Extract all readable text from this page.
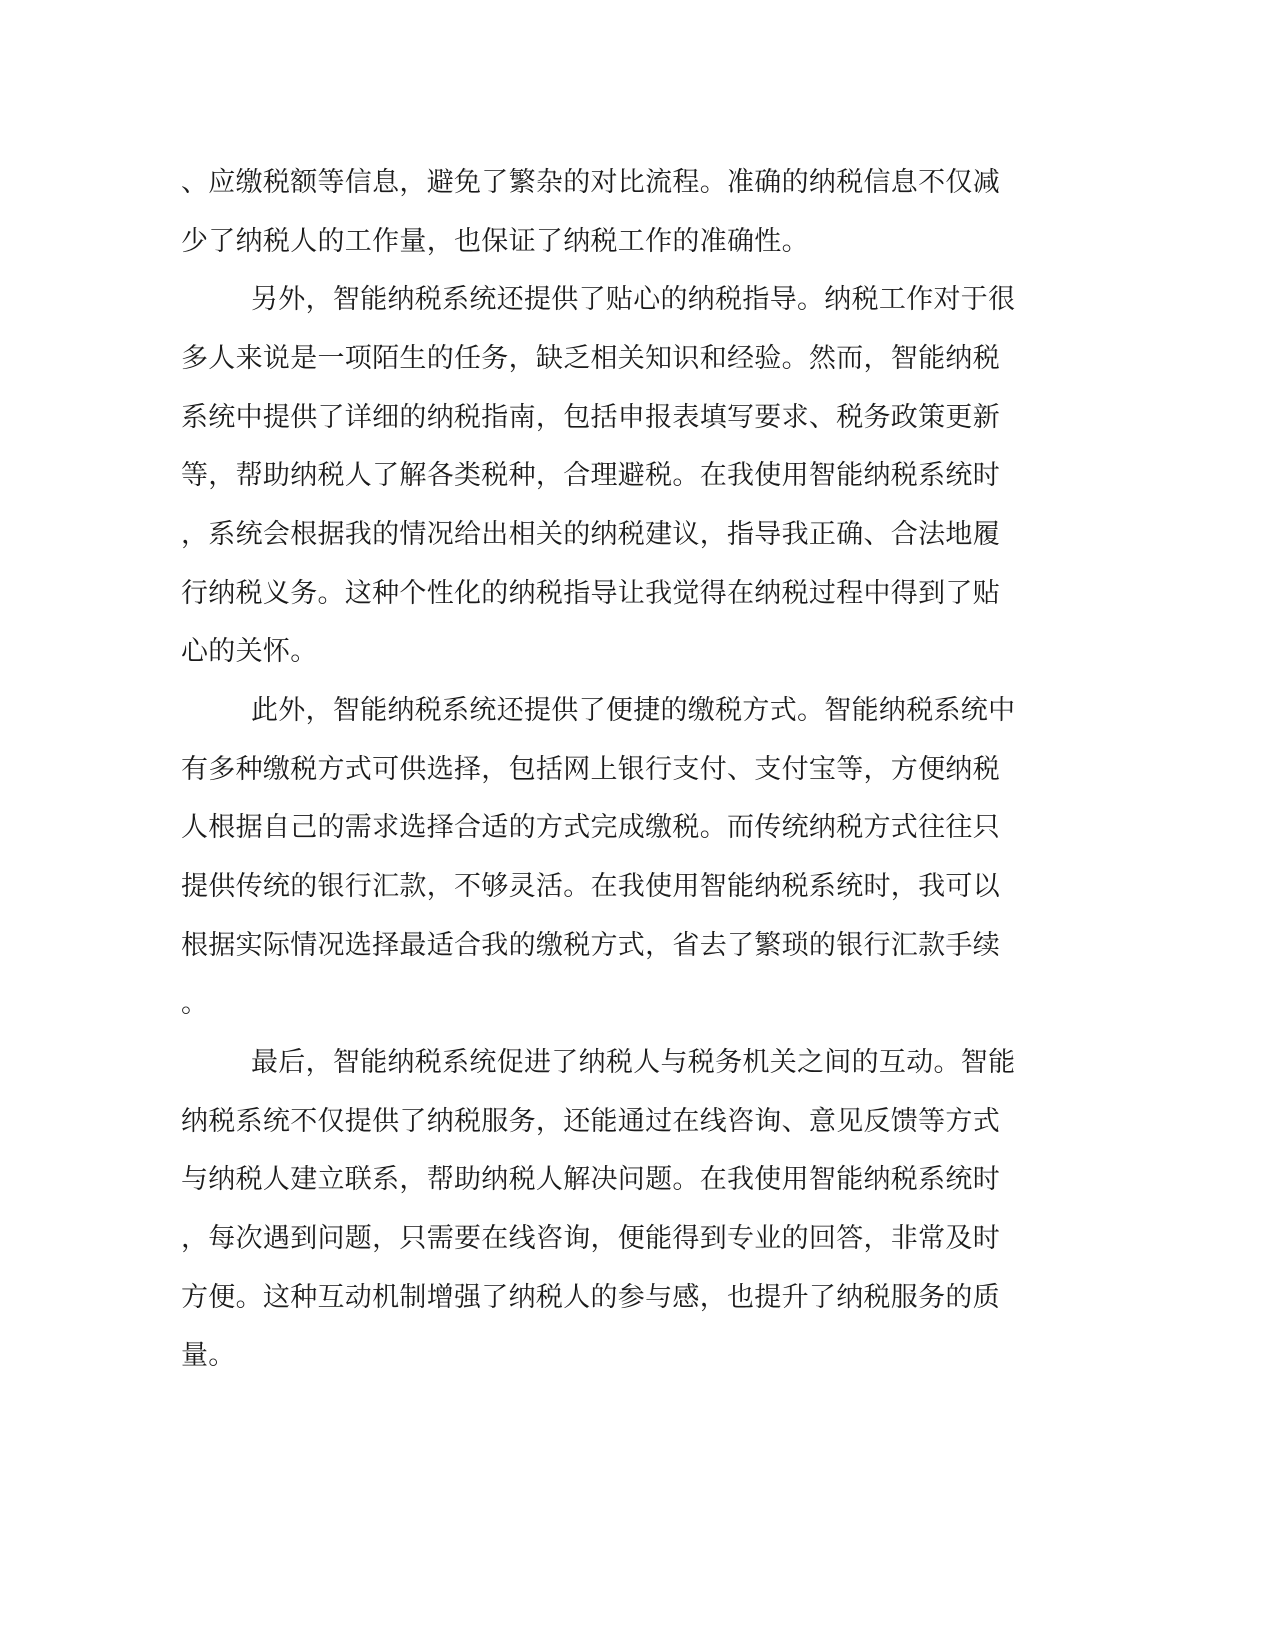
、应缴税额等信息，避免了繁杂的对比流程。准确的纳税信息不仅减

少了纳税人的工作量，也保证了纳税工作的准确性。

另外，智能纳税系统还提供了贴心的纳税指导。纳税工作对于很

多人来说是一项陌生的任务，缺乏相关知识和经验。然而，智能纳税

系统中提供了详细的纳税指南，包括申报表填写要求、税务政策更新

等，帮助纳税人了解各类税种，合理避税。在我使用智能纳税系统时

，系统会根据我的情况给出相关的纳税建议，指导我正确、合法地履

行纳税义务。这种个性化的纳税指导让我觉得在纳税过程中得到了贴

心的关怀。

此外，智能纳税系统还提供了便捷的缴税方式。智能纳税系统中

有多种缴税方式可供选择，包括网上银行支付、支付宝等，方便纳税

人根据自己的需求选择合适的方式完成缴税。而传统纳税方式往往只

提供传统的银行汇款，不够灵活。在我使用智能纳税系统时，我可以

根据实际情况选择最适合我的缴税方式，省去了繁琐的银行汇款手续

。

最后，智能纳税系统促进了纳税人与税务机关之间的互动。智能

纳税系统不仅提供了纳税服务，还能通过在线咨询、意见反馈等方式

与纳税人建立联系，帮助纳税人解决问题。在我使用智能纳税系统时

，每次遇到问题，只需要在线咨询，便能得到专业的回答，非常及时

方便。这种互动机制增强了纳税人的参与感，也提升了纳税服务的质

量。
